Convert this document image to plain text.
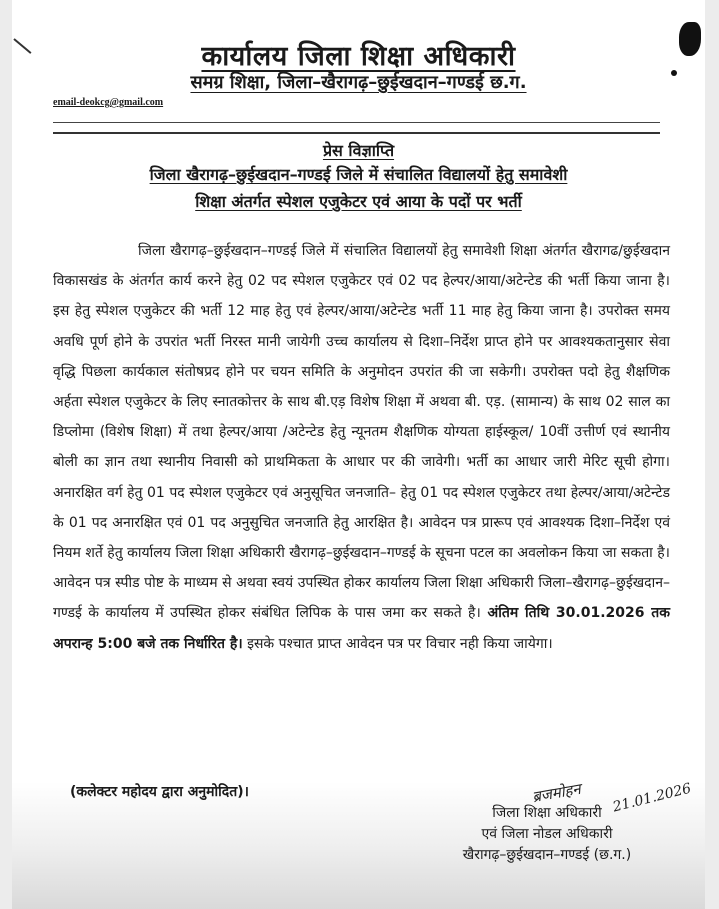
कार्यालय जिला शिक्षा अधिकारी
समग्र शिक्षा, जिला–खैरागढ़–छुईखदान–गण्डई छ.ग.
email-deokcg@gmail.com
प्रेस विज्ञाप्ति
जिला खैरागढ़–छुईखदान–गण्डई जिले में संचालित विद्यालयों हेतु समावेशी
शिक्षा अंतर्गत स्पेशल एजुकेटर एवं आया के पदों पर भर्ती
जिला खैरागढ़–छुईखदान–गण्डई जिले में संचालित विद्यालयों हेतु समावेशी शिक्षा अंतर्गत खैरागढ/छुईखदान विकासखंड के अंतर्गत कार्य करने हेतु 02 पद स्पेशल एजुकेटर एवं 02 पद हेल्पर/आया/अटेन्टेड की भर्ती किया जाना है। इस हेतु स्पेशल एजुकेटर की भर्ती 12 माह हेतु एवं हेल्पर/आया/अटेन्टेड भर्ती 11 माह हेतु किया जाना है। उपरोक्त समय अवधि पूर्ण होने के उपरांत भर्ती निरस्त मानी जायेगी उच्च कार्यालय से दिशा–निर्देश प्राप्त होने पर आवश्यकतानुसार सेवा वृद्धि पिछला कार्यकाल संतोषप्रद होने पर चयन समिति के अनुमोदन उपरांत की जा सकेगी। उपरोक्त पदो हेतु शैक्षणिक अर्हता स्पेशल एजुकेटर के लिए स्नातकोत्तर के साथ बी.एड़ विशेष शिक्षा में अथवा बी. एड़. (सामान्य) के साथ 02 साल का डिप्लोमा (विशेष शिक्षा) में तथा हेल्पर/आया /अटेन्टेड हेतु न्यूनतम शैक्षणिक योग्यता हाईस्कूल/ 10वीं उत्तीर्ण एवं स्थानीय बोली का ज्ञान तथा स्थानीय निवासी को प्राथमिकता के आधार पर की जावेगी। भर्ती का आधार जारी मेरिट सूची होगा। अनारक्षित वर्ग हेतु 01 पद स्पेशल एजुकेटर एवं अनुसूचित जनजाति– हेतु 01 पद स्पेशल एजुकेटर तथा हेल्पर/आया/अटेन्टेड के 01 पद अनारक्षित एवं 01 पद अनुसुचित जनजाति हेतु आरक्षित है। आवेदन पत्र प्रारूप एवं आवश्यक दिशा–निर्देश एवं नियम शर्ते हेतु कार्यालय जिला शिक्षा अधिकारी खैरागढ़–छुईखदान–गण्डई के सूचना पटल का अवलोकन किया जा सकता है। आवेदन पत्र स्पीड पोष्ट के माध्यम से अथवा स्वयं उपस्थित होकर कार्यालय जिला शिक्षा अधिकारी जिला–खैरागढ़–छुईखदान–गण्डई के कार्यालय में उपस्थित होकर संबंधित लिपिक के पास जमा कर सकते है। अंतिम तिथि 30.01.2026 तक अपरान्ह 5:00 बजे तक निर्धारित है। इसके पश्चात प्राप्त आवेदन पत्र पर विचार नही किया जायेगा।
(कलेक्टर महोदय द्वारा अनुमोदित)।	ब्रजमोहन 21.01.2026
जिला शिक्षा अधिकारी
एवं जिला नोडल अधिकारी
खैरागढ़–छुईखदान–गण्डई (छ.ग.)
